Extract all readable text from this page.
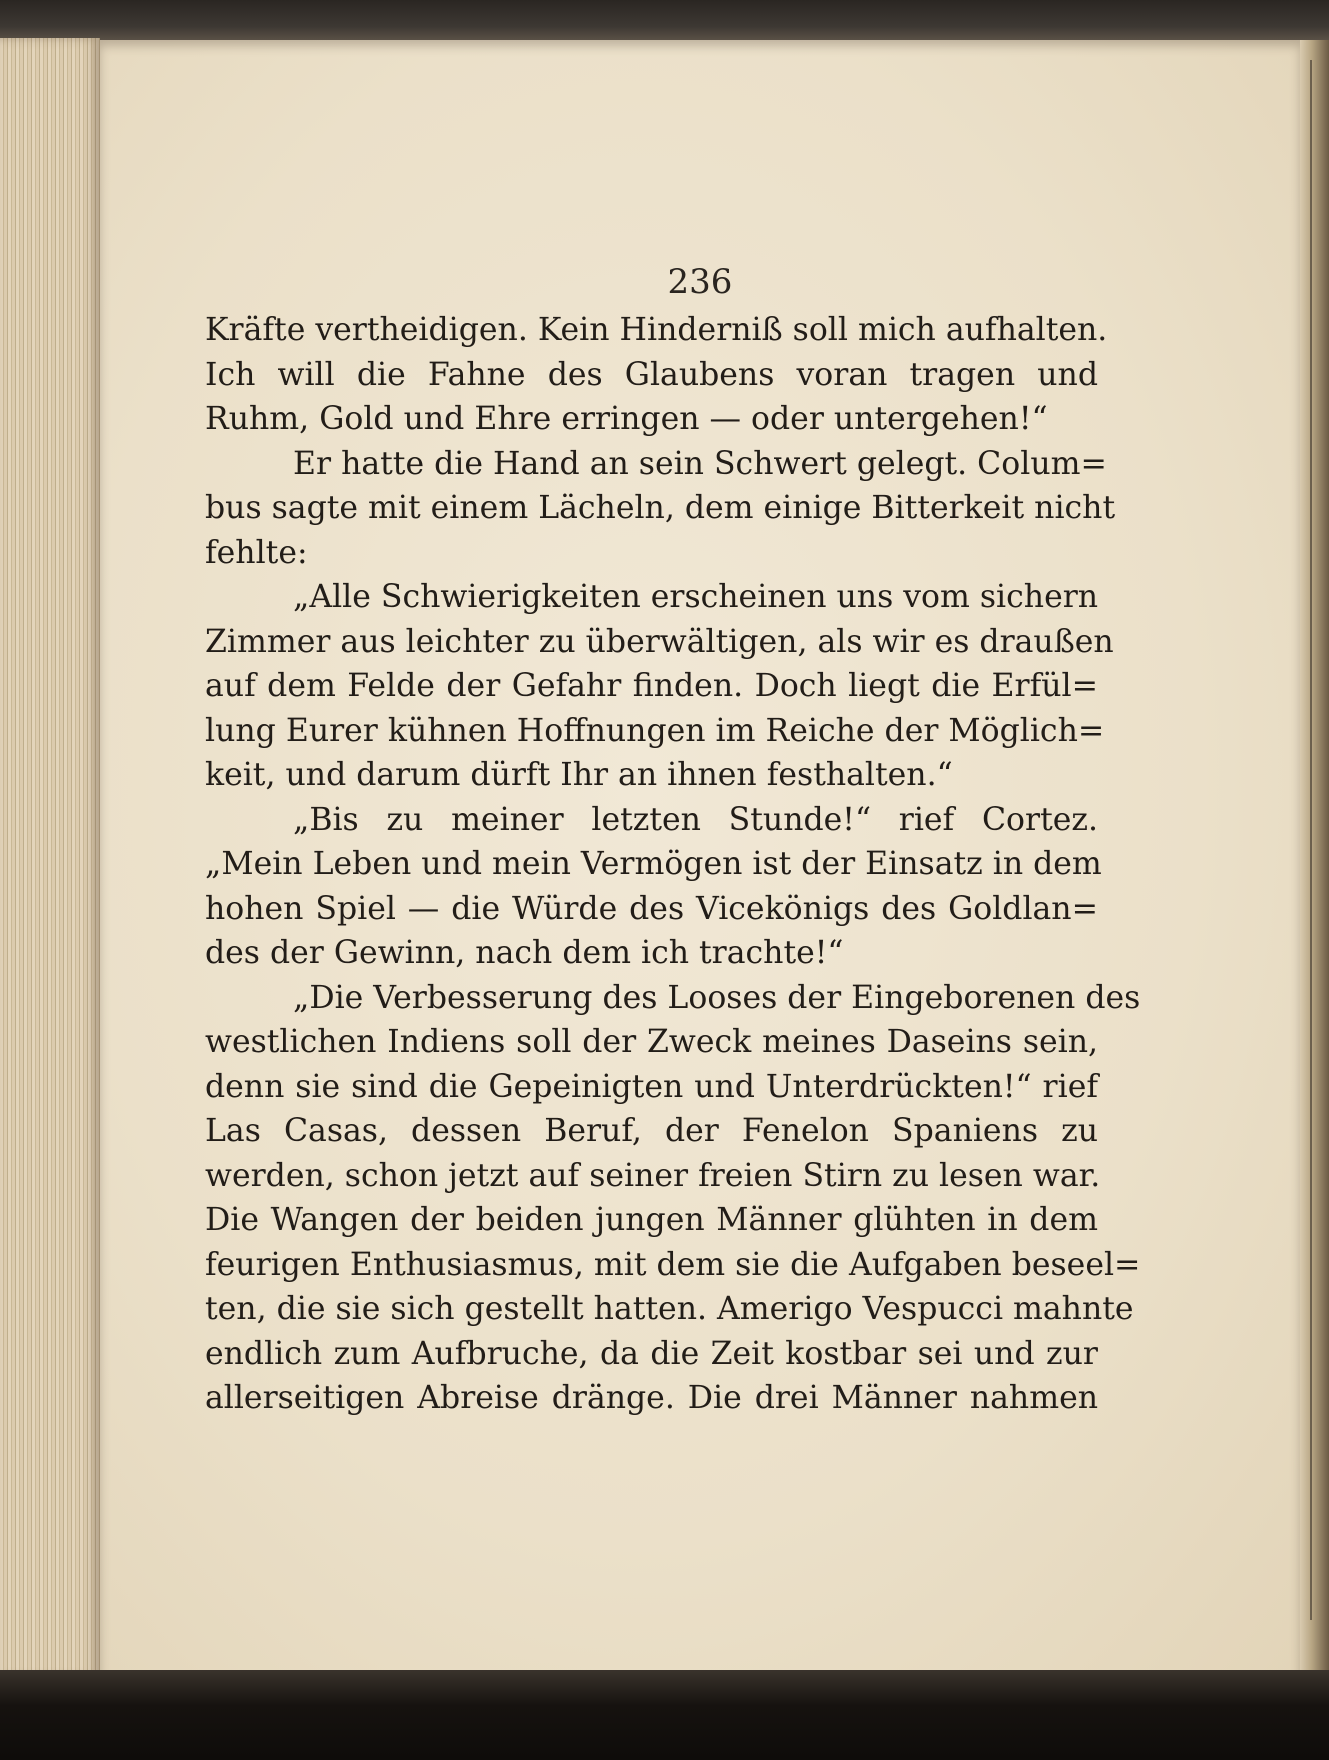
236

Kräfte vertheidigen. Kein Hinderniß soll mich aufhalten.

Ich will die Fahne des Glaubens voran tragen und

Ruhm, Gold und Ehre erringen — oder untergehen!“

Er hatte die Hand an sein Schwert gelegt. Colum=

bus sagte mit einem Lächeln, dem einige Bitterkeit nicht

fehlte:

„Alle Schwierigkeiten erscheinen uns vom sichern

Zimmer aus leichter zu überwältigen, als wir es draußen

auf dem Felde der Gefahr finden. Doch liegt die Erfül=

lung Eurer kühnen Hoffnungen im Reiche der Möglich=

keit, und darum dürft Ihr an ihnen festhalten.“

„Bis zu meiner letzten Stunde!“ rief Cortez.

„Mein Leben und mein Vermögen ist der Einsatz in dem

hohen Spiel — die Würde des Vicekönigs des Goldlan=

des der Gewinn, nach dem ich trachte!“

„Die Verbesserung des Looses der Eingeborenen des

westlichen Indiens soll der Zweck meines Daseins sein,

denn sie sind die Gepeinigten und Unterdrückten!“ rief

Las Casas, dessen Beruf, der Fenelon Spaniens zu

werden, schon jetzt auf seiner freien Stirn zu lesen war.

Die Wangen der beiden jungen Männer glühten in dem

feurigen Enthusiasmus, mit dem sie die Aufgaben beseel=

ten, die sie sich gestellt hatten. Amerigo Vespucci mahnte

endlich zum Aufbruche, da die Zeit kostbar sei und zur

allerseitigen Abreise dränge. Die drei Männer nahmen
